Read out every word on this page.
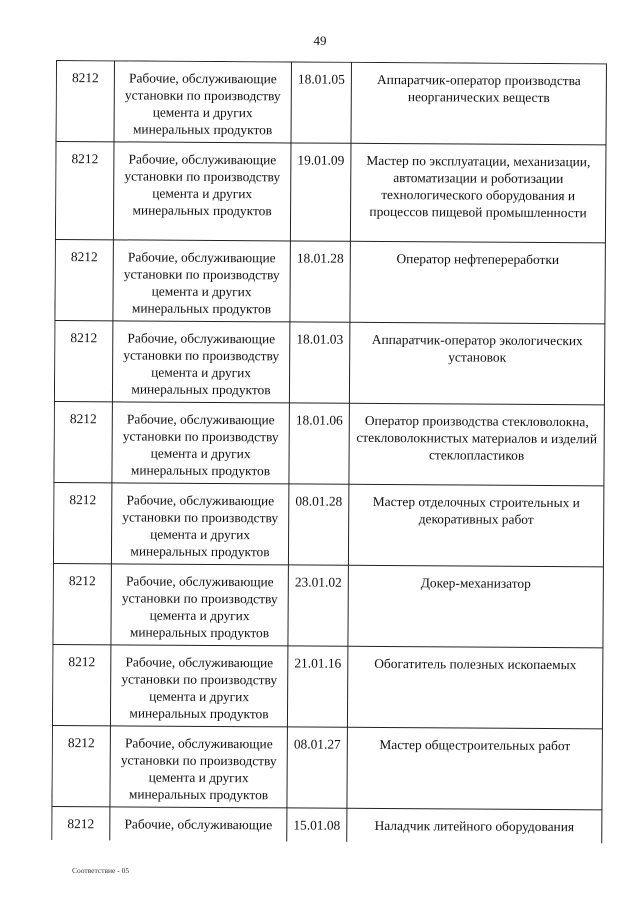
49
8212	Рабочие, обслуживающие установки по производству цемента и других минеральных продуктов	18.01.05	Аппаратчик-оператор производства неорганических веществ
8212	Рабочие, обслуживающие установки по производству цемента и других минеральных продуктов	19.01.09	Мастер по эксплуатации, механизации, автоматизации и роботизации технологического оборудования и процессов пищевой промышленности
8212	Рабочие, обслуживающие установки по производству цемента и других минеральных продуктов	18.01.28	Оператор нефтепереработки
8212	Рабочие, обслуживающие установки по производству цемента и других минеральных продуктов	18.01.03	Аппаратчик-оператор экологических установок
8212	Рабочие, обслуживающие установки по производству цемента и других минеральных продуктов	18.01.06	Оператор производства стекловолокна, стекловолокнистых материалов и изделий стеклопластиков
8212	Рабочие, обслуживающие установки по производству цемента и других минеральных продуктов	08.01.28	Мастер отделочных строительных и декоративных работ
8212	Рабочие, обслуживающие установки по производству цемента и других минеральных продуктов	23.01.02	Докер-механизатор
8212	Рабочие, обслуживающие установки по производству цемента и других минеральных продуктов	21.01.16	Обогатитель полезных ископаемых
8212	Рабочие, обслуживающие установки по производству цемента и других минеральных продуктов	08.01.27	Мастер общестроительных работ
8212	Рабочие, обслуживающие	15.01.08	Наладчик литейного оборудования
Соответствие - 05
